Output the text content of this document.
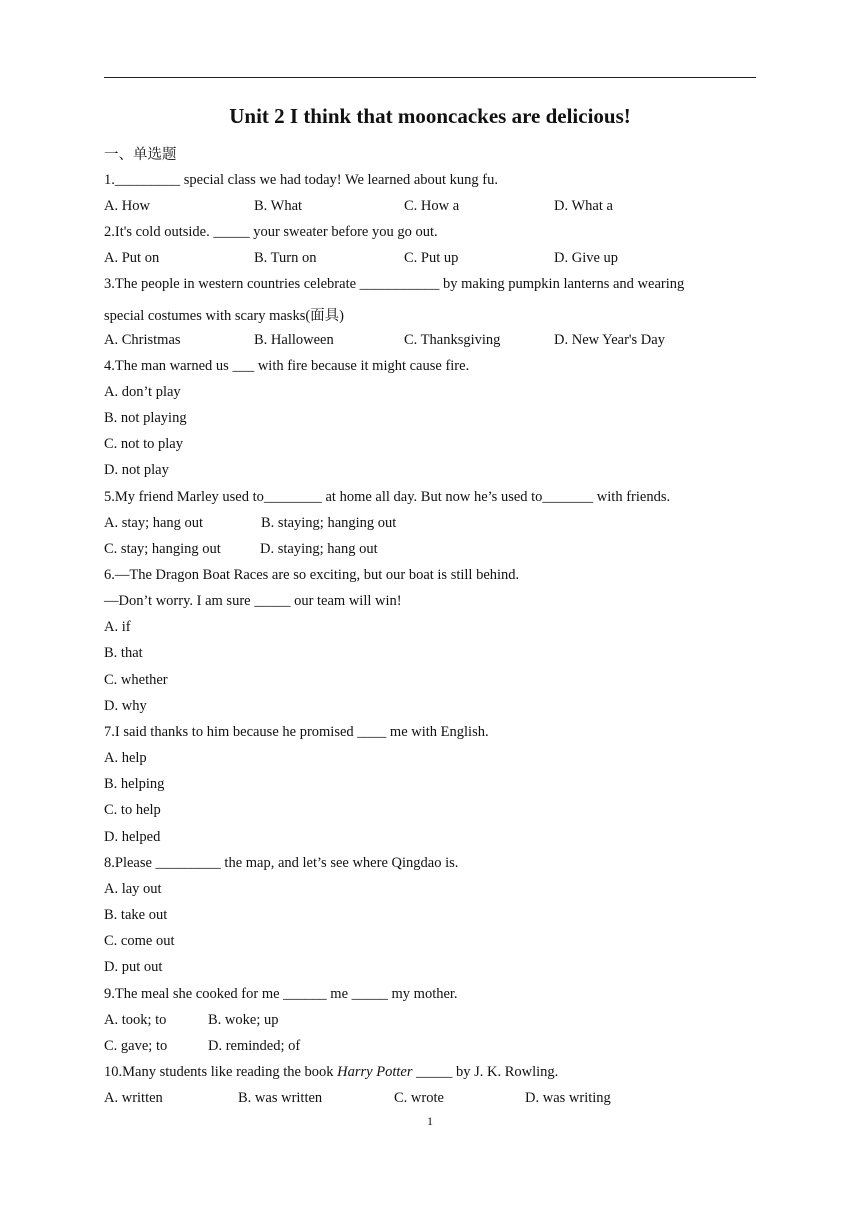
Unit 2 I think that mooncackes are delicious!
一、单选题
1._________ special class we had today! We learned about kung fu.
A. How	B. What	C. How a	D. What a
2.It's cold outside. _____ your sweater before you go out.
A. Put on	B. Turn on	C. Put up	D. Give up
3.The people in western countries celebrate ___________ by making pumpkin lanterns and wearing
special costumes with scary masks(面具)
A. Christmas	B. Halloween	C. Thanksgiving	D. New Year's Day
4.The man warned us ___ with fire because it might cause fire.
A. don’t play
B. not playing
C. not to play
D. not play
5.My friend Marley used to________ at home all day. But now he’s used to_______ with friends.
A. stay; hang out	B. staying; hanging out
C. stay; hanging out	D. staying; hang out
6.—The Dragon Boat Races are so exciting, but our boat is still behind.
—Don’t worry. I am sure _____ our team will win!
A. if
B. that
C. whether
D. why
7.I said thanks to him because he promised ____ me with English.
A. help
B. helping
C. to help
D. helped
8.Please _________ the map, and let’s see where Qingdao is.
A. lay out
B. take out
C. come out
D. put out
9.The meal she cooked for me ______ me _____ my mother.
A. took; to	B. woke; up
C. gave; to	D. reminded; of
10.Many students like reading the book Harry Potter _____ by J. K. Rowling.
A. written	B. was written	C. wrote	D. was writing
1
